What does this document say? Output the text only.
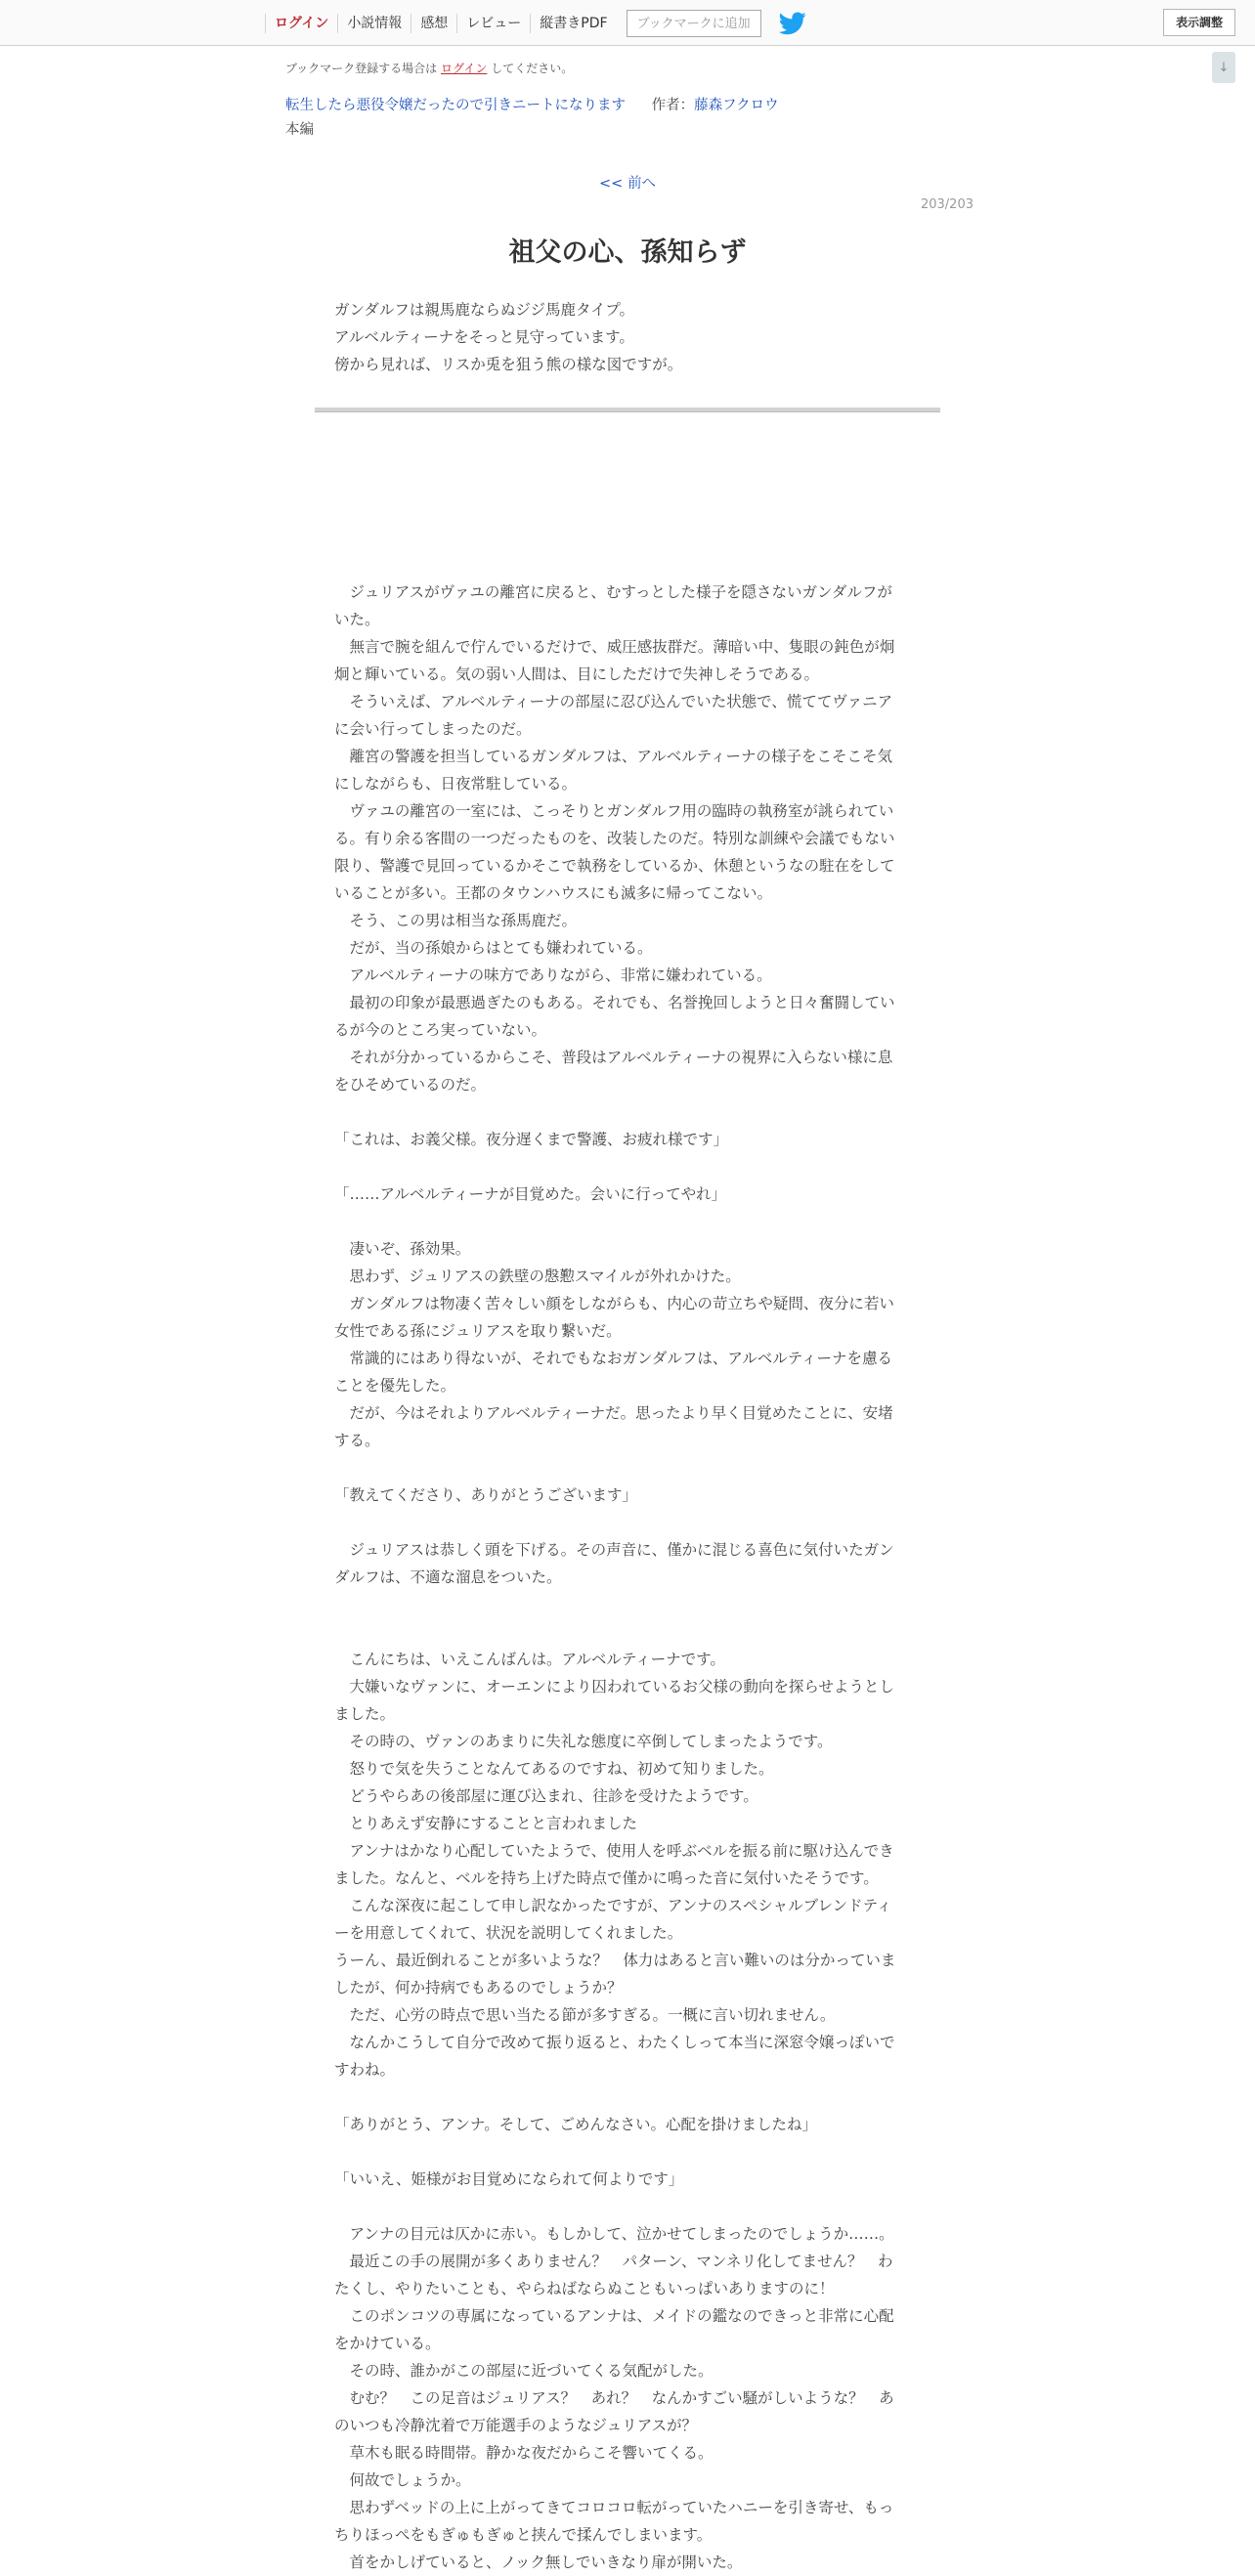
ログイン	小説情報	感想	レビュー	縦書きPDF	ブックマークに追加	表示調整
↓
ブックマーク登録する場合は ログイン してください。
転生したら悪役令嬢だったので引きニートになります 作者：藤森フクロウ
本編
<< 前へ
203/203
祖父の心、孫知らず

ガンダルフは親馬鹿ならぬジジ馬鹿タイプ。

アルベルティーナをそっと見守っています。

傍から見れば、リスか兎を狙う熊の様な図ですが。

　ジュリアスがヴァユの離宮に戻ると、むすっとした様子を隠さないガンダルフが

いた。

　無言で腕を組んで佇んでいるだけで、威圧感抜群だ。薄暗い中、隻眼の鈍色が炯

炯と輝いている。気の弱い人間は、目にしただけで失神しそうである。

　そういえば、アルベルティーナの部屋に忍び込んでいた状態で、慌ててヴァニア

に会い行ってしまったのだ。

　離宮の警護を担当しているガンダルフは、アルベルティーナの様子をこそこそ気

にしながらも、日夜常駐している。

　ヴァユの離宮の一室には、こっそりとガンダルフ用の臨時の執務室が誂られてい

る。有り余る客間の一つだったものを、改装したのだ。特別な訓練や会議でもない

限り、警護で見回っているかそこで執務をしているか、休憩というなの駐在をして

いることが多い。王都のタウンハウスにも滅多に帰ってこない。

　そう、この男は相当な孫馬鹿だ。

　だが、当の孫娘からはとても嫌われている。

　アルベルティーナの味方でありながら、非常に嫌われている。

　最初の印象が最悪過ぎたのもある。それでも、名誉挽回しようと日々奮闘してい

るが今のところ実っていない。

　それが分かっているからこそ、普段はアルベルティーナの視界に入らない様に息

をひそめているのだ。

「これは、お義父様。夜分遅くまで警護、お疲れ様です」

「……アルベルティーナが目覚めた。会いに行ってやれ」

　凄いぞ、孫効果。

　思わず、ジュリアスの鉄壁の慇懃スマイルが外れかけた。

　ガンダルフは物凄く苦々しい顔をしながらも、内心の苛立ちや疑問、夜分に若い

女性である孫にジュリアスを取り繋いだ。

　常識的にはあり得ないが、それでもなおガンダルフは、アルベルティーナを慮る

ことを優先した。

　だが、今はそれよりアルベルティーナだ。思ったより早く目覚めたことに、安堵

する。

「教えてくださり、ありがとうございます」

　ジュリアスは恭しく頭を下げる。その声音に、僅かに混じる喜色に気付いたガン

ダルフは、不適な溜息をついた。

　こんにちは、いえこんばんは。アルベルティーナです。

　大嫌いなヴァンに、オーエンにより囚われているお父様の動向を探らせようとし

ました。

　その時の、ヴァンのあまりに失礼な態度に卒倒してしまったようです。

　怒りで気を失うことなんてあるのですね、初めて知りました。

　どうやらあの後部屋に運び込まれ、往診を受けたようです。

　とりあえず安静にすることと言われました

　アンナはかなり心配していたようで、使用人を呼ぶベルを振る前に駆け込んでき

ました。なんと、ベルを持ち上げた時点で僅かに鳴った音に気付いたそうです。

　こんな深夜に起こして申し訳なかったですが、アンナのスペシャルブレンドティ

ーを用意してくれて、状況を説明してくれました。

うーん、最近倒れることが多いような？　体力はあると言い難いのは分かっていま

したが、何か持病でもあるのでしょうか？

　ただ、心労の時点で思い当たる節が多すぎる。一概に言い切れません。

　なんかこうして自分で改めて振り返ると、わたくしって本当に深窓令嬢っぽいで

すわね。

「ありがとう、アンナ。そして、ごめんなさい。心配を掛けましたね」

「いいえ、姫様がお目覚めになられて何よりです」

　アンナの目元は仄かに赤い。もしかして、泣かせてしまったのでしょうか……。

　最近この手の展開が多くありません？　パターン、マンネリ化してません？　わ

たくし、やりたいことも、やらねばならぬこともいっぱいありますのに！

　このポンコツの専属になっているアンナは、メイドの鑑なのできっと非常に心配

をかけている。

　その時、誰かがこの部屋に近づいてくる気配がした。

　むむ？　この足音はジュリアス？　あれ？　なんかすごい騒がしいような？　あ

のいつも冷静沈着で万能選手のようなジュリアスが？

　草木も眠る時間帯。静かな夜だからこそ響いてくる。

　何故でしょうか。

　思わずベッドの上に上がってきてコロコロ転がっていたハニーを引き寄せ、もっ

ちりほっぺをもぎゅもぎゅと挟んで揉んでしまいます。

　首をかしげていると、ノック無しでいきなり扉が開いた。
